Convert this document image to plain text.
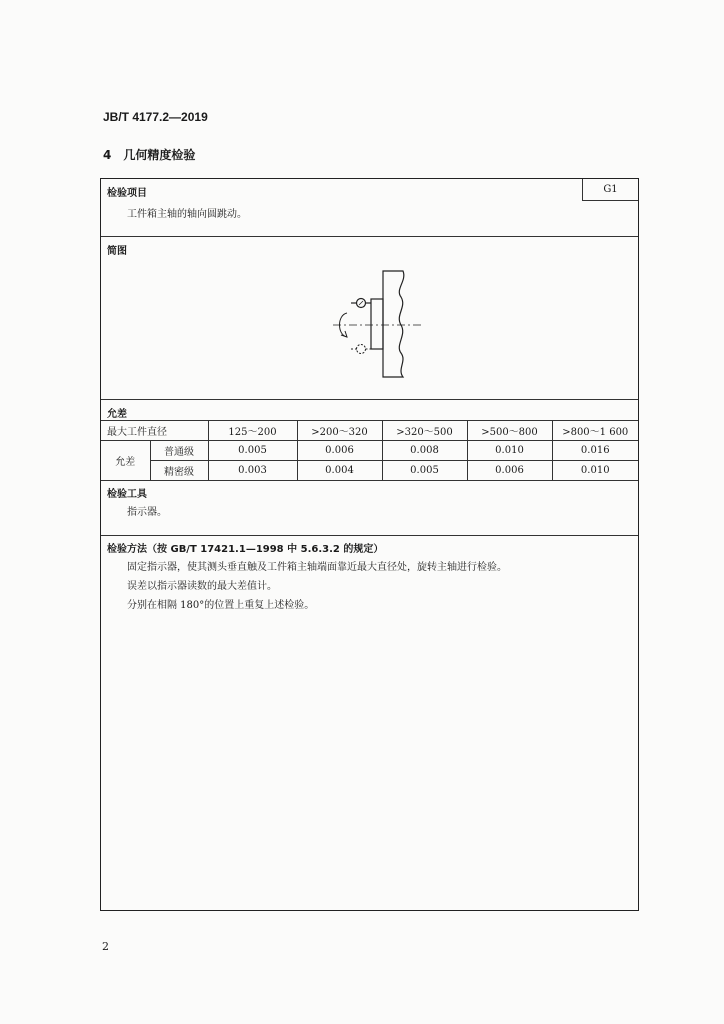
JB/T 4177.2—2019
4 几何精度检验
检验项目	G1
工件箱主轴的轴向圆跳动。
简图
允差
最大工件直径		125～200	>200～320	>320～500	>500～800	>800～1 600
允差	普通级	0.005	0.006	0.008	0.010	0.016
	精密级	0.003	0.004	0.005	0.006	0.010
检验工具
指示器。
检验方法（按 GB/T 17421.1—1998 中 5.6.3.2 的规定）
固定指示器，使其测头垂直触及工件箱主轴端面靠近最大直径处，旋转主轴进行检验。
误差以指示器读数的最大差值计。
分别在相隔 180°的位置上重复上述检验。
2
